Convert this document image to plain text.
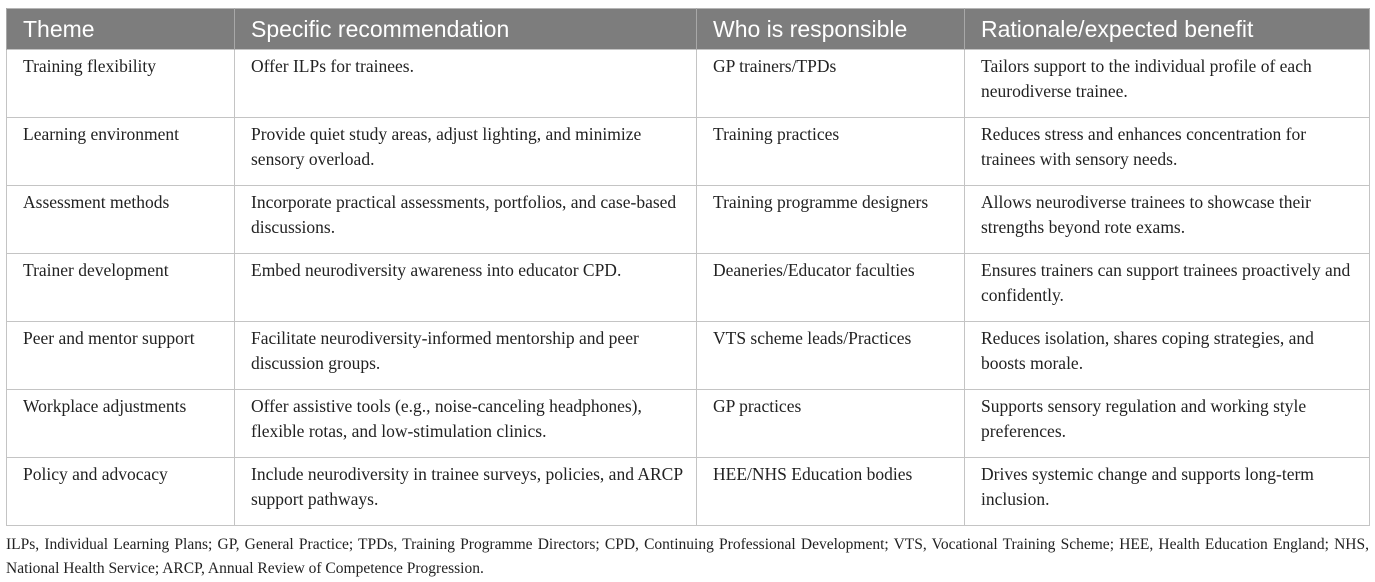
Theme	Specific recommendation	Who is responsible	Rationale/expected benefit
Training flexibility	Offer ILPs for trainees.	GP trainers/TPDs	Tailors support to the individual profile of each neurodiverse trainee.
Learning environment	Provide quiet study areas, adjust lighting, and minimize sensory overload.	Training practices	Reduces stress and enhances concentration for trainees with sensory needs.
Assessment methods	Incorporate practical assessments, portfolios, and case-based discussions.	Training programme designers	Allows neurodiverse trainees to showcase their strengths beyond rote exams.
Trainer development	Embed neurodiversity awareness into educator CPD.	Deaneries/Educator faculties	Ensures trainers can support trainees proactively and confidently.
Peer and mentor support	Facilitate neurodiversity-informed mentorship and peer discussion groups.	VTS scheme leads/Practices	Reduces isolation, shares coping strategies, and boosts morale.
Workplace adjustments	Offer assistive tools (e.g., noise-canceling headphones), flexible rotas, and low-stimulation clinics.	GP practices	Supports sensory regulation and working style preferences.
Policy and advocacy	Include neurodiversity in trainee surveys, policies, and ARCP support pathways.	HEE/NHS Education bodies	Drives systemic change and supports long-term inclusion.
ILPs, Individual Learning Plans; GP, General Practice; TPDs, Training Programme Directors; CPD, Continuing Professional Development; VTS, Vocational Training Scheme; HEE, Health Education England; NHS, National Health Service; ARCP, Annual Review of Competence Progression.
